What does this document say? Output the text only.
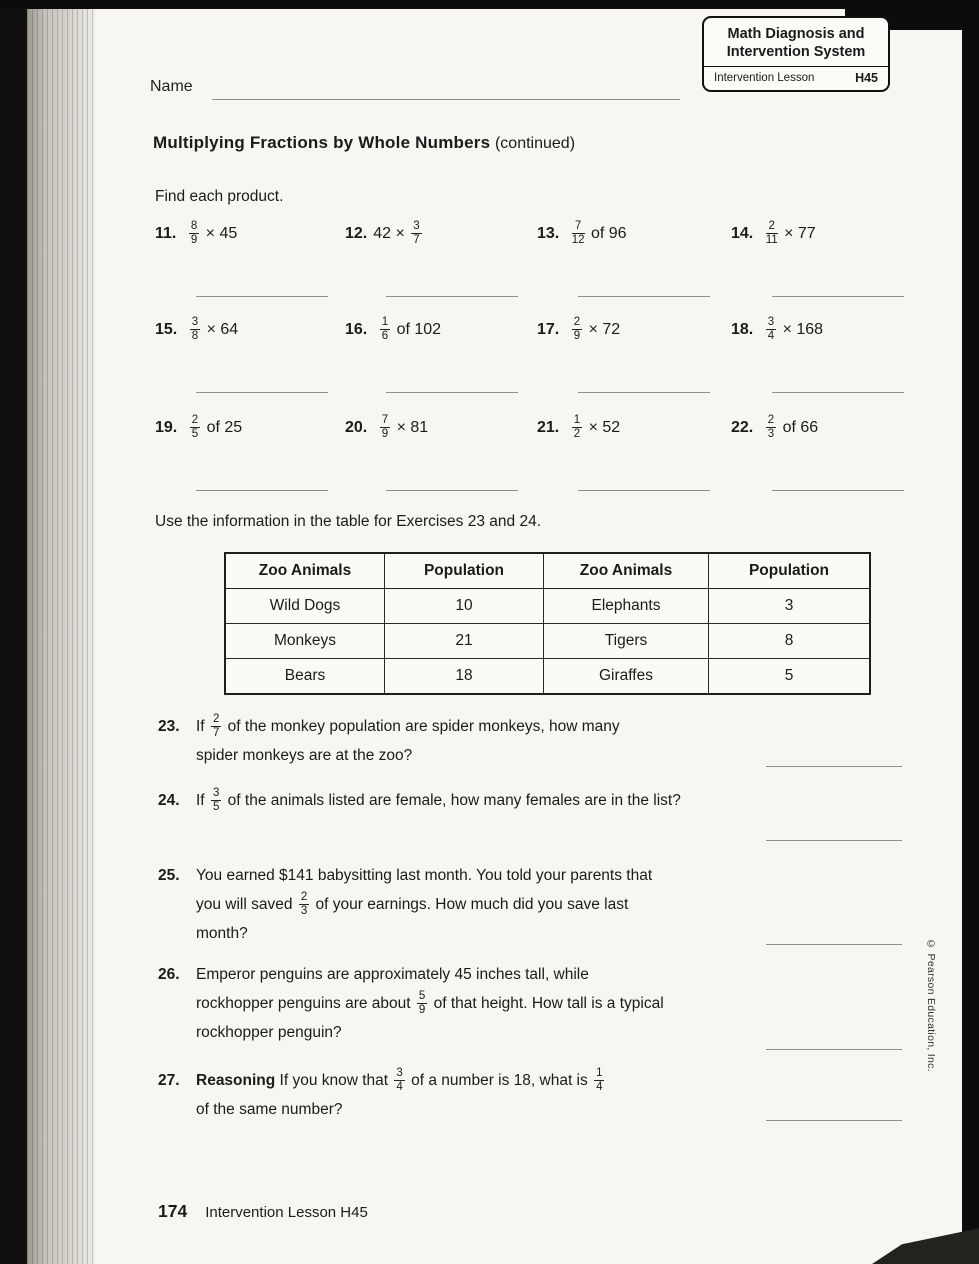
Math Diagnosis and
Intervention System
Intervention Lesson	H45
Name
Multiplying Fractions by Whole Numbers (continued)
Find each product.
11. $\frac{8}{9} \times 45$	12. $42 \times \frac{3}{7}$	13. $\frac{7}{12}$ of 96	14. $\frac{2}{11} \times 77$
15. $\frac{3}{8} \times 64$	16. $\frac{1}{6}$ of 102	17. $\frac{2}{9} \times 72$	18. $\frac{3}{4} \times 168$
19. $\frac{2}{5}$ of 25	20. $\frac{7}{9} \times 81$	21. $\frac{1}{2} \times 52$	22. $\frac{2}{3}$ of 66
Use the information in the table for Exercises 23 and 24.
Zoo Animals	Population	Zoo Animals	Population
Wild Dogs	10	Elephants	3
Monkeys	21	Tigers	8
Bears	18	Giraffes	5
23.	If $\frac{2}{7}$ of the monkey population are spider monkeys, how many spider monkeys are at the zoo?
24.	If $\frac{3}{5}$ of the animals listed are female, how many females are in the list?
25.	You earned $141 babysitting last month. You told your parents that you will saved $\frac{2}{3}$ of your earnings. How much did you save last month?
26.	Emperor penguins are approximately 45 inches tall, while rockhopper penguins are about $\frac{5}{9}$ of that height. How tall is a typical rockhopper penguin?
27.	Reasoning If you know that $\frac{3}{4}$ of a number is 18, what is $\frac{1}{4}$
of the same number?
© Pearson Education, Inc.
174 Intervention Lesson H45
